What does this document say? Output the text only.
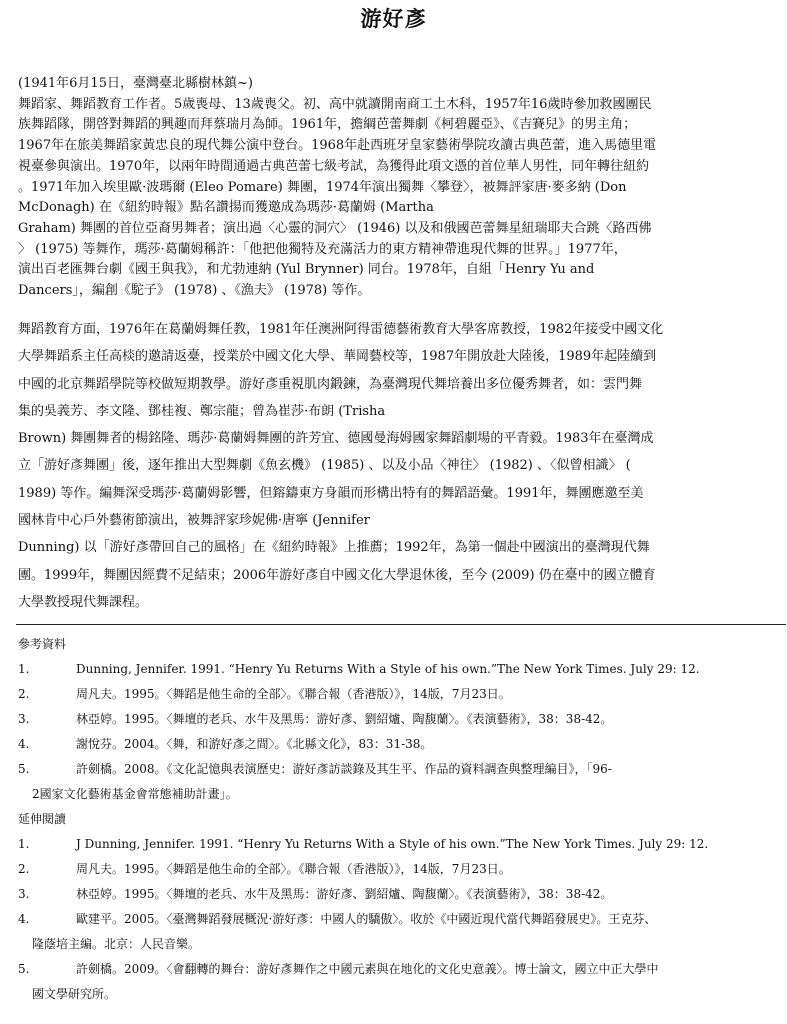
游好彥

(1941年6月15日，臺灣臺北縣樹林鎮~)

舞蹈家、舞蹈教育工作者。5歲喪母、13歲喪父。初、高中就讀開南商工土木科，1957年16歲時參加救國團民

族舞蹈隊，開啓對舞蹈的興趣而拜蔡瑞月為師。1961年，擔綱芭蕾舞劇《柯碧麗亞》、《吉賽兒》的男主角；

1967年在旅美舞蹈家黃忠良的現代舞公演中登台。1968年赴西班牙皇家藝術學院攻讀古典芭蕾，進入馬德里電

視臺參與演出。1970年，以兩年時間通過古典芭蕾七級考試，為獲得此項文憑的首位華人男性，同年轉往紐約

。1971年加入埃里歐·波瑪爾 (Eleo Pomare) 舞團，1974年演出獨舞〈攀登〉，被舞評家唐·麥多納 (Don

McDonagh) 在《紐約時報》點名讚揚而獲邀成為瑪莎·葛蘭姆 (Martha

Graham) 舞團的首位亞裔男舞者；演出過〈心靈的洞穴〉 (1946) 以及和俄國芭蕾舞星紐瑞耶夫合跳〈路西佛

〉 (1975) 等舞作，瑪莎·葛蘭姆稱許：「他把他獨特及充滿活力的東方精神帶進現代舞的世界。」1977年，

演出百老匯舞台劇《國王與我》，和尤勃連納 (Yul Brynner) 同台。1978年，自組「Henry Yu and

Dancers」，編創《駝子》 (1978) 、《漁夫》 (1978) 等作。

舞蹈教育方面，1976年在葛蘭姆舞任教，1981年任澳洲阿得雷德藝術教育大學客席教授，1982年接受中國文化

大學舞蹈系主任高棪的邀請返臺，授業於中國文化大學、華岡藝校等，1987年開放赴大陸後，1989年起陸續到

中國的北京舞蹈學院等校做短期教學。游好彥重視肌肉鍛鍊，為臺灣現代舞培養出多位優秀舞者，如：雲門舞

集的吳義芳、李文隆、鄧桂複、鄭宗龍；曾為崔莎·布朗 (Trisha

Brown) 舞團舞者的楊銘隆、瑪莎·葛蘭姆舞團的許芳宜、德國曼海姆國家舞蹈劇場的平青毅。1983年在臺灣成

立「游好彥舞團」後，逐年推出大型舞劇《魚玄機》 (1985) 、以及小品〈神往〉 (1982) 、〈似曾相識〉 (

1989) 等作。編舞深受瑪莎·葛蘭姆影響，但鎔鑄東方身韻而形構出特有的舞蹈語彙。1991年，舞團應邀至美

國林肯中心戶外藝術節演出，被舞評家珍妮佛·唐寧 (Jennifer

Dunning) 以「游好彥帶回自己的風格」在《紐約時報》上推薦；1992年，為第一個赴中國演出的臺灣現代舞

團。1999年，舞團因經費不足結束；2006年游好彥自中國文化大學退休後，至今 (2009) 仍在臺中的國立體育

大學教授現代舞課程。

參考資料
1.	Dunning, Jennifer. 1991. “Henry Yu Returns With a Style of his own.”The New York Times. July 29: 12.
2.	周凡夫。1995。〈舞蹈是他生命的全部〉。《聯合報（香港版）》，14版，7月23日。
3.	林亞婷。1995。〈舞壇的老兵、水牛及黑馬：游好彥、劉紹爐、陶馥蘭〉。《表演藝術》，38：38-42。
4.	謝悅芬。2004。〈舞，和游好彥之間〉。《北縣文化》，83：31-38。
5.	許劍橋。2008。《文化記憶與表演歷史：游好彥訪談錄及其生平、作品的資料調查與整理編目》，「96-
2國家文化藝術基金會常態補助計畫」。
延伸閱讀
1.	J Dunning, Jennifer. 1991. “Henry Yu Returns With a Style of his own.”The New York Times. July 29: 12.
2.	周凡夫。1995。〈舞蹈是他生命的全部〉。《聯合報（香港版）》，14版，7月23日。
3.	林亞婷。1995。〈舞壇的老兵、水牛及黑馬：游好彥、劉紹爐、陶馥蘭〉。《表演藝術》，38：38-42。
4.	歐建平。2005。〈臺灣舞蹈發展概況·游好彥：中國人的驕傲〉。收於《中國近現代當代舞蹈發展史》。王克芬、
隆蔭培主編。北京：人民音樂。
5.	許劍橋。2009。〈會翻轉的舞台：游好彥舞作之中國元素與在地化的文化史意義〉。博士論文，國立中正大學中
國文學研究所。
